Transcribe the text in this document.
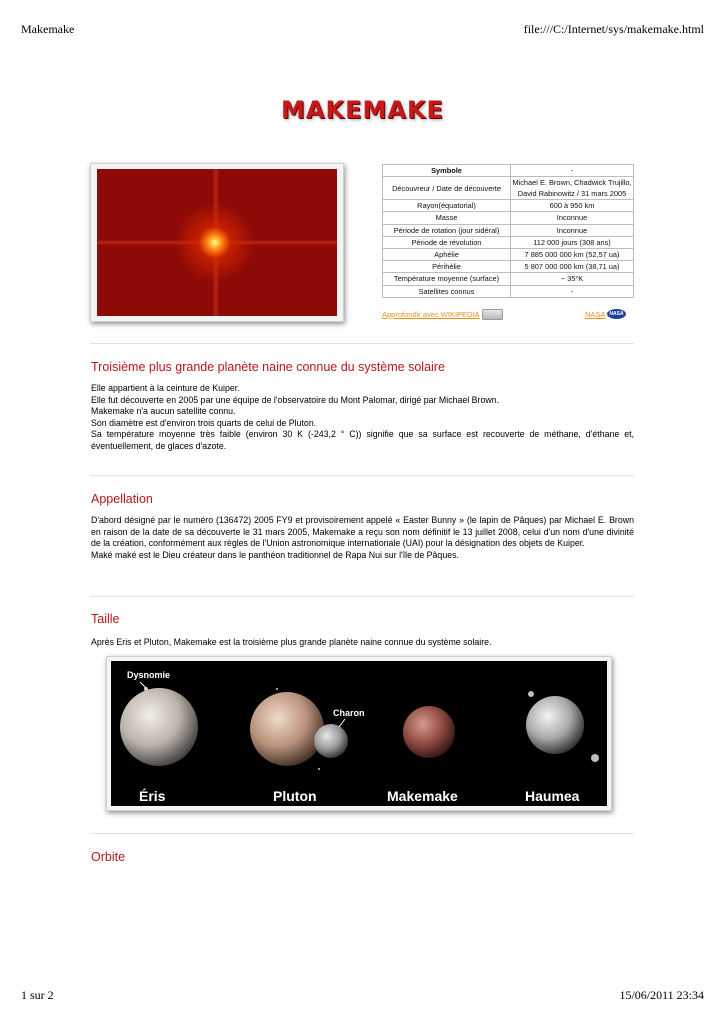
Makemake	file:///C:/Internet/sys/makemake.html
MAKEMAKE
Symbole	-
Découvreur / Date de découverte	Michael E. Brown, Chadwick Trujillo,
David Rabinowitz / 31 mars 2005

Rayon(équatorial)	600 à 950 km
Masse	Inconnue
Période de rotation (jour sidéral)	Inconnue
Période de révolution	112 000 jours (308 ans)
Aphélie	7 885 000 000 km (52,57 ua)
Périhélie	5 807 000 000 km (38,71 ua)
Température moyenne (surface)	~ 35°K
Satellites connus	-
Approfondir avec WIKIPEDIA	NASA NASA
Troisième plus grande planète naine connue du système solaire

Elle appartient à la ceinture de Kuiper.

Elle fut découverte en 2005 par une équipe de l'observatoire du Mont Palomar, dirigé par Michael Brown.

Makemake n'a aucun satellite connu.

Son diamètre est d'environ trois quarts de celui de Pluton.

Sa température moyenne très faible (environ 30 K (-243,2 ° C)) signifie que sa surface est recouverte de méthane, d'éthane et, éventuellement, de glaces d'azote.

Appellation

D'abord désigné par le numéro (136472) 2005 FY9 et provisoirement appelé « Easter Bunny » (le lapin de Pâques) par Michael E. Brown en raison de la date de sa découverte le 31 mars 2005, Makemake a reçu son nom définitif le 13 juillet 2008, celui d'un nom d'une divinité de la création, conformément aux règles de l'Union astronomique internationale (UAI) pour la désignation des objets de Kuiper.

Maké maké est le Dieu créateur dans le panthéon traditionnel de Rapa Nui sur l'île de Pâques.

Taille

Après Eris et Pluton, Makemake est la troisième plus grande planète naine connue du système solaire.

Dysnomie
Charon
Éris	Pluton	Makemake	Haumea
Orbite
1 sur 2	15/06/2011 23:34
